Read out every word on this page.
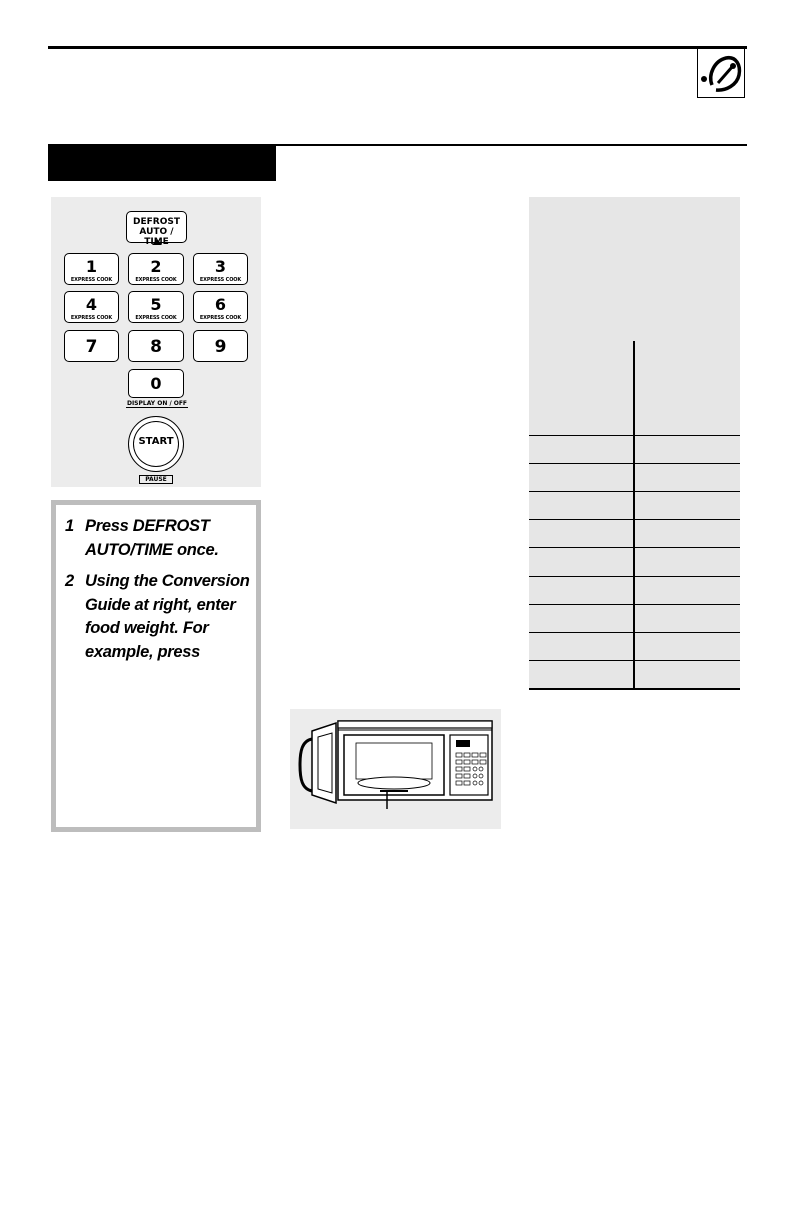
DEFROST
AUTO / TIME
1
EXPRESS COOK
2
EXPRESS COOK
3
EXPRESS COOK
4
EXPRESS COOK
5
EXPRESS COOK
6
EXPRESS COOK
7	8	9
0
DISPLAY ON / OFF
START
PAUSE
1 Press DEFROST AUTO/TIME once.
2 Using the Conversion Guide at right, enter food weight. For example, press
